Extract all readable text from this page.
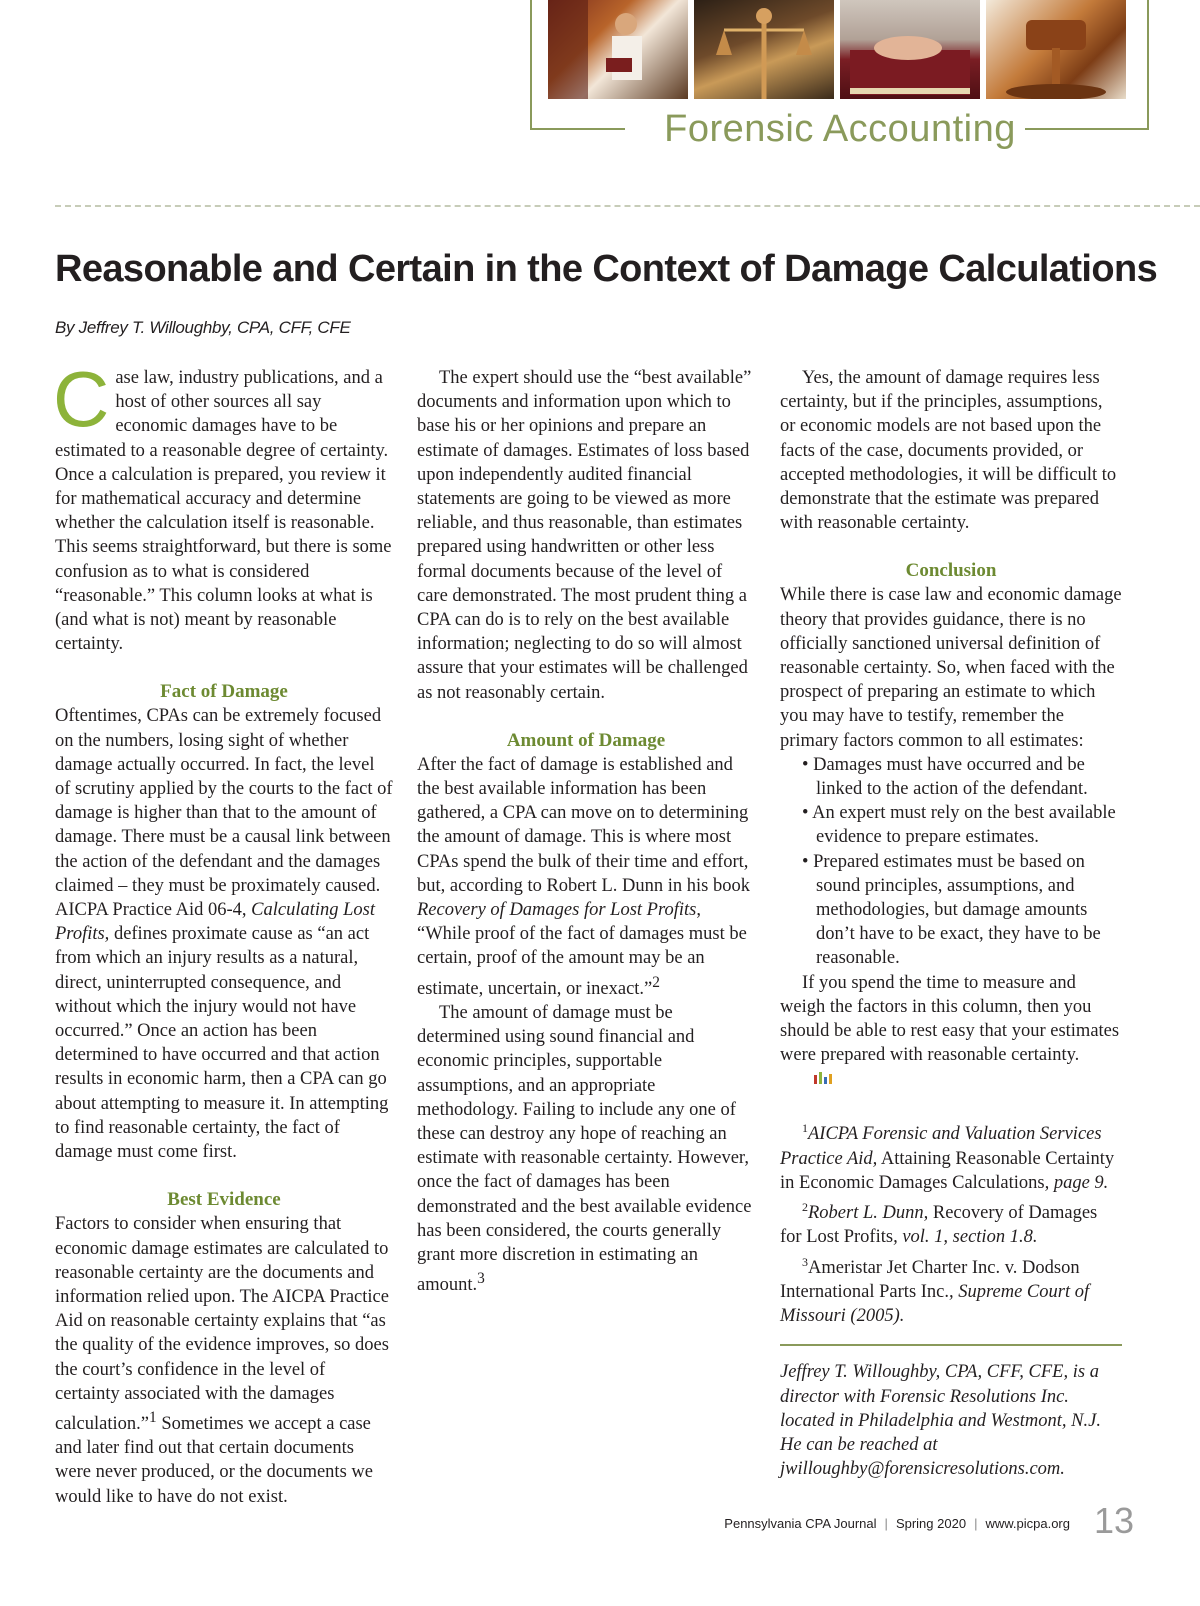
Forensic Accounting
Reasonable and Certain in the Context of Damage Calculations
By Jeffrey T. Willoughby, CPA, CFF, CFE

Case law, industry publications, and a host of other sources all say economic damages have to be estimated to a reasonable degree of certainty. Once a calculation is prepared, you review it for mathematical accuracy and determine whether the calculation itself is reasonable. This seems straightforward, but there is some confusion as to what is considered “reasonable.” This column looks at what is (and what is not) meant by reasonable certainty.

Fact of Damage

Oftentimes, CPAs can be extremely focused on the numbers, losing sight of whether damage actually occurred. In fact, the level of scrutiny applied by the courts to the fact of damage is higher than that to the amount of damage. There must be a causal link between the action of the defendant and the damages claimed – they must be proximately caused. AICPA Practice Aid 06-4, Calculating Lost Profits, defines proximate cause as “an act from which an injury results as a natural, direct, uninterrupted consequence, and without which the injury would not have occurred.” Once an action has been determined to have occurred and that action results in economic harm, then a CPA can go about attempting to measure it. In attempting to find reasonable certainty, the fact of damage must come first.

Best Evidence

Factors to consider when ensuring that economic damage estimates are calculated to reasonable certainty are the documents and information relied upon. The AICPA Practice Aid on reasonable certainty explains that “as the quality of the evidence improves, so does the court’s confidence in the level of certainty associated with the damages calculation.”$^1$ Sometimes we accept a case and later find out that certain documents were never produced, or the documents we would like to have do not exist.

The expert should use the “best available” documents and information upon which to base his or her opinions and prepare an estimate of damages. Estimates of loss based upon independently audited financial statements are going to be viewed as more reliable, and thus reasonable, than estimates prepared using handwritten or other less formal documents because of the level of care demonstrated. The most prudent thing a CPA can do is to rely on the best available information; neglecting to do so will almost assure that your estimates will be challenged as not reasonably certain.

Amount of Damage

After the fact of damage is established and the best available information has been gathered, a CPA can move on to determining the amount of damage. This is where most CPAs spend the bulk of their time and effort, but, according to Robert L. Dunn in his book Recovery of Damages for Lost Profits, “While proof of the fact of damages must be certain, proof of the amount may be an estimate, uncertain, or inexact.”$^2$

The amount of damage must be determined using sound financial and economic principles, supportable assumptions, and an appropriate methodology. Failing to include any one of these can destroy any hope of reaching an estimate with reasonable certainty. However, once the fact of damages has been demonstrated and the best available evidence has been considered, the courts generally grant more discretion in estimating an amount.$^3$

Yes, the amount of damage requires less certainty, but if the principles, assumptions, or economic models are not based upon the facts of the case, documents provided, or accepted methodologies, it will be difficult to demonstrate that the estimate was prepared with reasonable certainty.

Conclusion

While there is case law and economic damage theory that provides guidance, there is no officially sanctioned universal definition of reasonable certainty. So, when faced with the prospect of preparing an estimate to which you may have to testify, remember the primary factors common to all estimates:

• Damages must have occurred and be linked to the action of the defendant.
• An expert must rely on the best available evidence to prepare estimates.
• Prepared estimates must be based on sound principles, assumptions, and methodologies, but damage amounts don’t have to be exact, they have to be reasonable.

If you spend the time to measure and weigh the factors in this column, then you should be able to rest easy that your estimates were prepared with reasonable certainty.

$^1$AICPA Forensic and Valuation Services Practice Aid, Attaining Reasonable Certainty in Economic Damages Calculations, page 9.

$^2$Robert L. Dunn, Recovery of Damages for Lost Profits, vol. 1, section 1.8.

$^3$Ameristar Jet Charter Inc. v. Dodson International Parts Inc., Supreme Court of Missouri (2005).

Jeffrey T. Willoughby, CPA, CFF, CFE, is a director with Forensic Resolutions Inc. located in Philadelphia and Westmont, N.J. He can be reached at jwilloughby@forensicresolutions.com.

Pennsylvania CPA Journal | Spring 2020 | www.picpa.org 13
